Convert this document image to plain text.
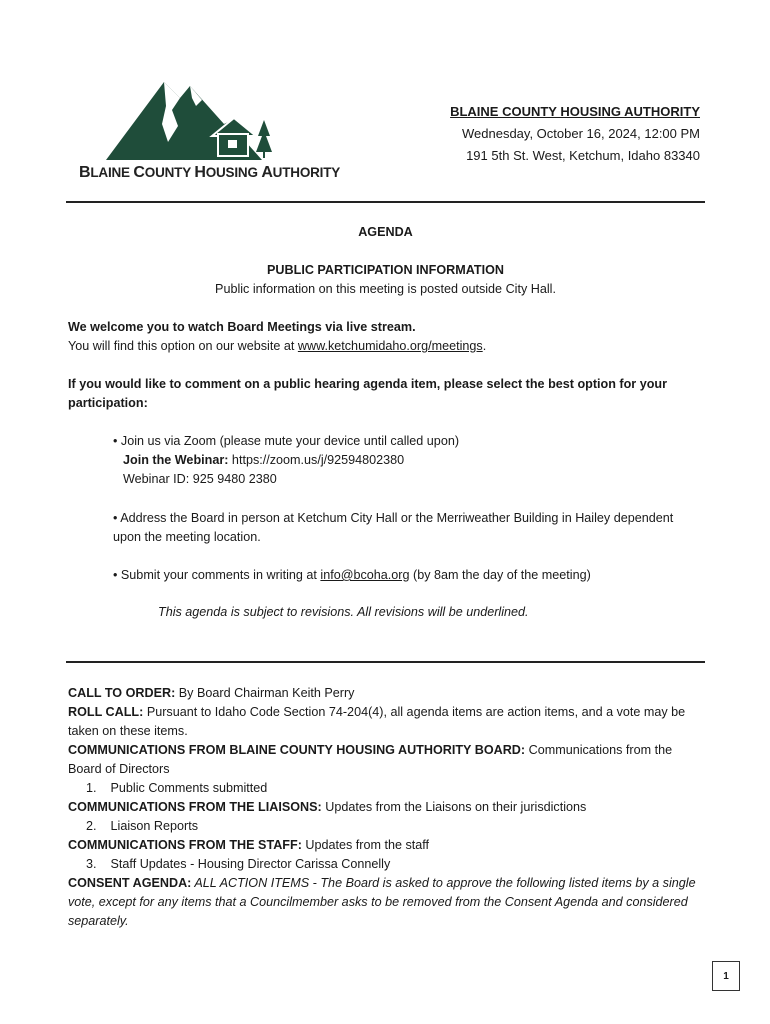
BLAINE COUNTY HOUSING AUTHORITY
BLAINE COUNTY HOUSING AUTHORITY
Wednesday, October 16, 2024, 12:00 PM
191 5th St. West, Ketchum, Idaho 83340
AGENDA
PUBLIC PARTICIPATION INFORMATION
Public information on this meeting is posted outside City Hall.
We welcome you to watch Board Meetings via live stream.
You will find this option on our website at www.ketchumidaho.org/meetings.
If you would like to comment on a public hearing agenda item, please select the best option for your participation:
• Join us via Zoom (please mute your device until called upon)
Join the Webinar: https://zoom.us/j/92594802380
Webinar ID: 925 9480 2380
• Address the Board in person at Ketchum City Hall or the Merriweather Building in Hailey dependent upon the meeting location.
• Submit your comments in writing at info@bcoha.org (by 8am the day of the meeting)
This agenda is subject to revisions. All revisions will be underlined.
CALL TO ORDER: By Board Chairman Keith Perry
ROLL CALL: Pursuant to Idaho Code Section 74-204(4), all agenda items are action items, and a vote may be taken on these items.
COMMUNICATIONS FROM BLAINE COUNTY HOUSING AUTHORITY BOARD: Communications from the Board of Directors
1. Public Comments submitted
COMMUNICATIONS FROM THE LIAISONS: Updates from the Liaisons on their jurisdictions
2. Liaison Reports
COMMUNICATIONS FROM THE STAFF: Updates from the staff
3. Staff Updates - Housing Director Carissa Connelly
CONSENT AGENDA: ALL ACTION ITEMS - The Board is asked to approve the following listed items by a single vote, except for any items that a Councilmember asks to be removed from the Consent Agenda and considered separately.
1
